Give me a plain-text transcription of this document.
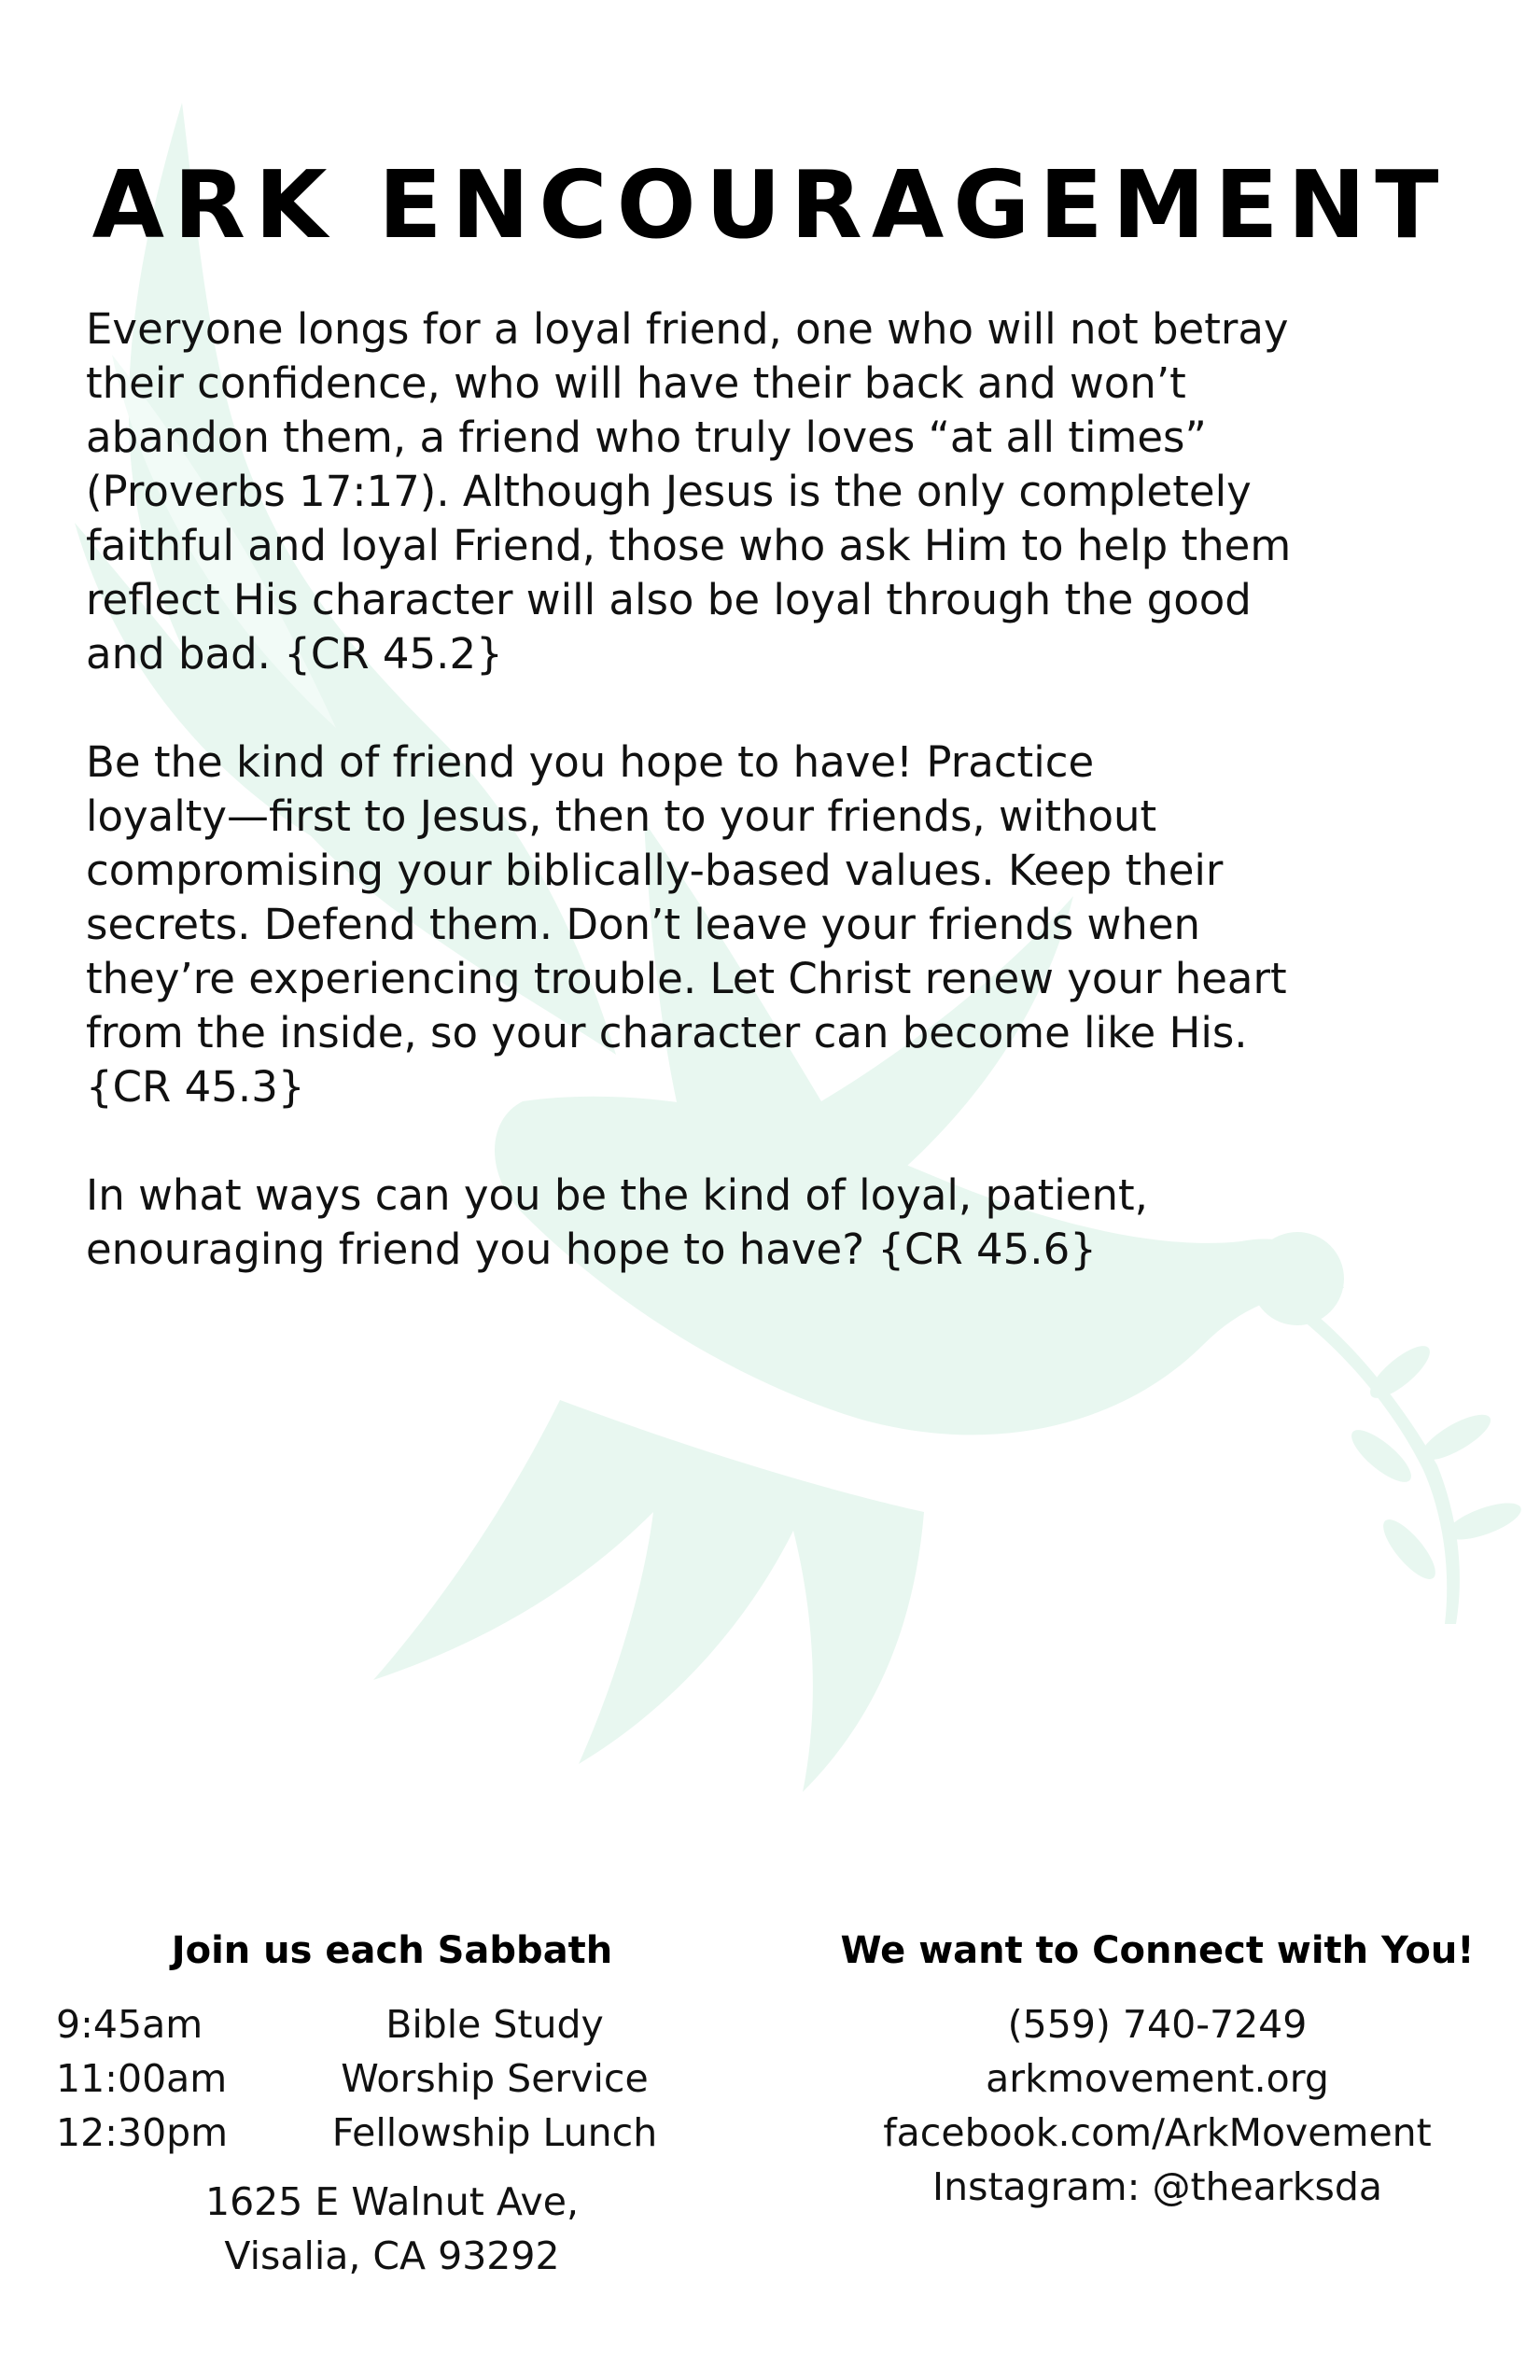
ARK ENCOURAGEMENT

Everyone longs for a loyal friend, one who will not betray
their confidence, who will have their back and won’t
abandon them, a friend who truly loves “at all times”
(Proverbs 17:17). Although Jesus is the only completely
faithful and loyal Friend, those who ask Him to help them
reflect His character will also be loyal through the good
and bad. {CR 45.2}

Be the kind of friend you hope to have! Practice
loyalty—first to Jesus, then to your friends, without
compromising your biblically-based values. Keep their
secrets. Defend them. Don’t leave your friends when
they’re experiencing trouble. Let Christ renew your heart
from the inside, so your character can become like His.
{CR 45.3}

In what ways can you be the kind of loyal, patient,
enouraging friend you hope to have? {CR 45.6}

Join us each Sabbath	We want to Connect with You!
9:45am	Bible Study
11:00am	Worship Service
12:30pm	Fellowship Lunch
1625 E Walnut Ave,
Visalia, CA 93292
(559) 740-7249
arkmovement.org
facebook.com/ArkMovement
Instagram: @thearksda
